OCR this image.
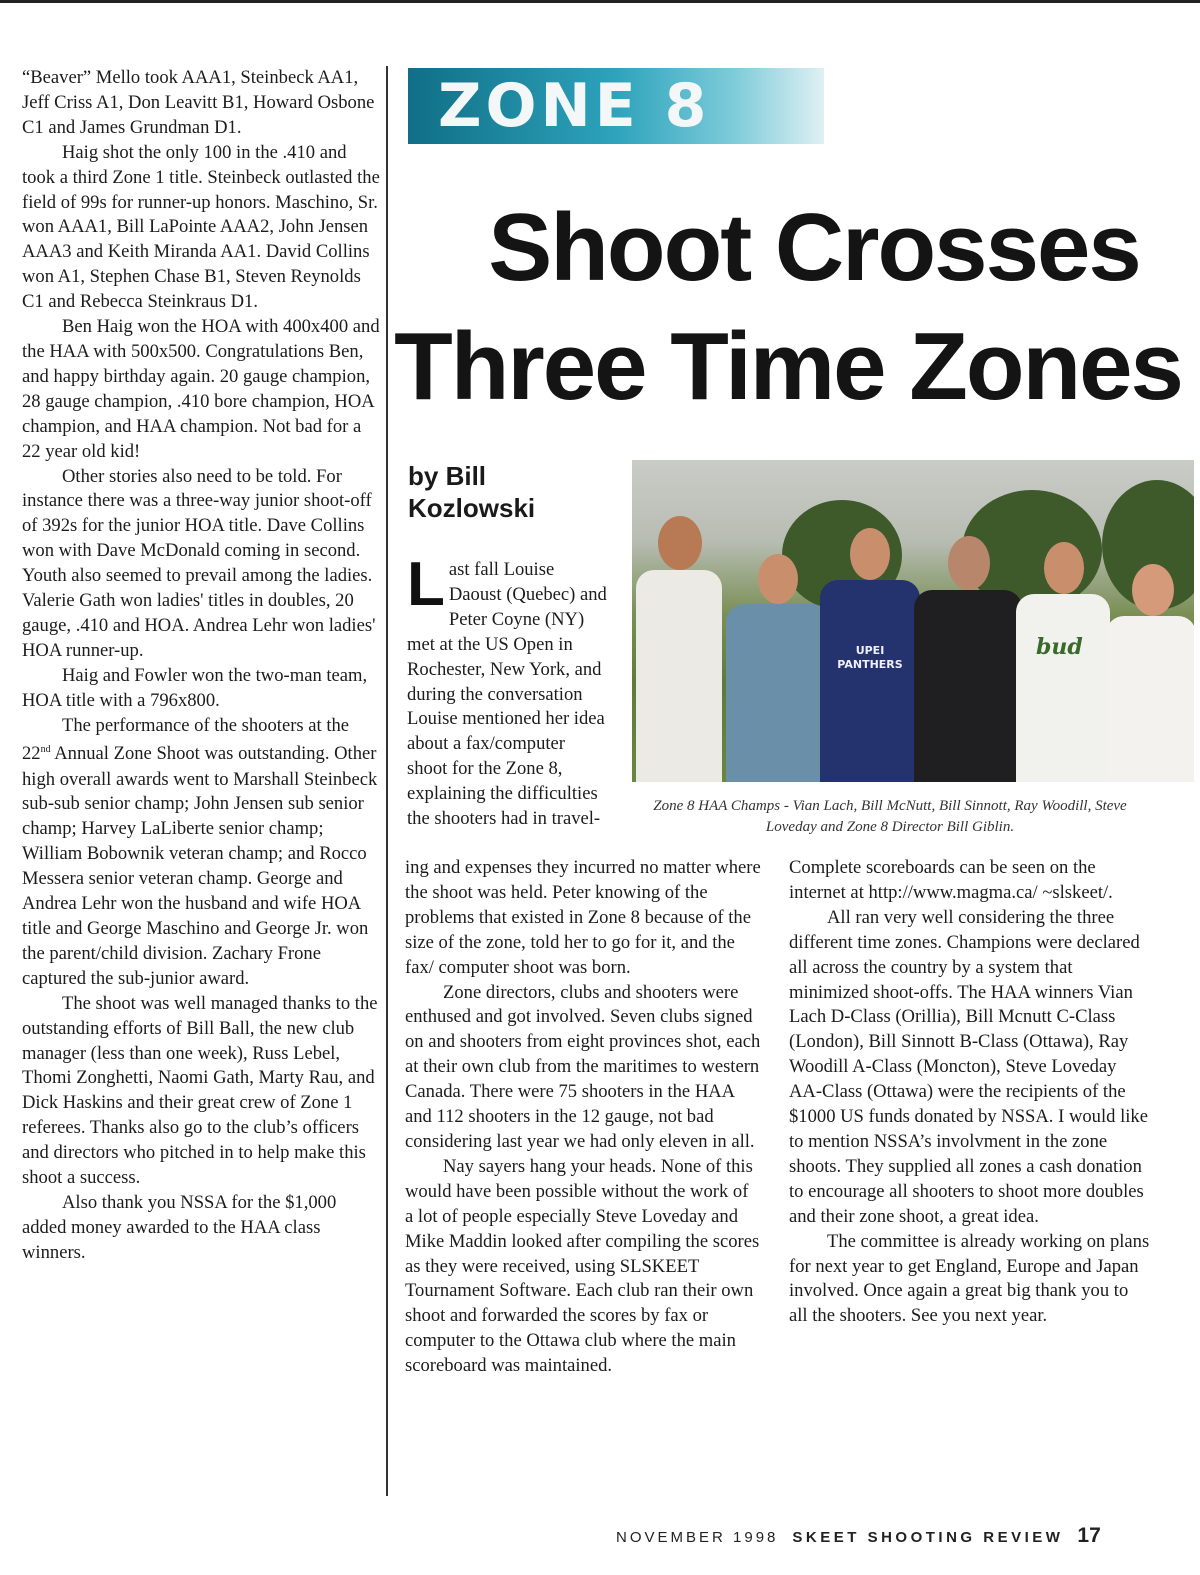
“Beaver” Mello took AAA1, Steinbeck AA1, Jeff Criss A1, Don Leavitt B1, Howard Osbone C1 and James Grundman D1.

Haig shot the only 100 in the .410 and took a third Zone 1 title. Steinbeck outlasted the field of 99s for runner-up honors. Maschino, Sr. won AAA1, Bill LaPointe AAA2, John Jensen AAA3 and Keith Miranda AA1. David Collins won A1, Stephen Chase B1, Steven Reynolds C1 and Rebecca Steinkraus D1.

Ben Haig won the HOA with 400x400 and the HAA with 500x500. Congratulations Ben, and happy birthday again. 20 gauge champion, 28 gauge champion, .410 bore champion, HOA champion, and HAA champion. Not bad for a 22 year old kid!

Other stories also need to be told. For instance there was a three-way junior shoot-off of 392s for the junior HOA title. Dave Collins won with Dave McDonald coming in second. Youth also seemed to prevail among the ladies. Valerie Gath won ladies' titles in doubles, 20 gauge, .410 and HOA. Andrea Lehr won ladies' HOA runner-up.

Haig and Fowler won the two-man team, HOA title with a 796x800.

The performance of the shooters at the 22nd Annual Zone Shoot was outstanding. Other high overall awards went to Marshall Steinbeck sub-sub senior champ; John Jensen sub senior champ; Harvey LaLiberte senior champ; William Bobownik veteran champ; and Rocco Messera senior veteran champ. George and Andrea Lehr won the husband and wife HOA title and George Maschino and George Jr. won the parent/child division. Zachary Frone captured the sub-junior award.

The shoot was well managed thanks to the outstanding efforts of Bill Ball, the new club manager (less than one week), Russ Lebel, Thomi Zonghetti, Naomi Gath, Marty Rau, and Dick Haskins and their great crew of Zone 1 referees. Thanks also go to the club’s officers and directors who pitched in to help make this shoot a success.

Also thank you NSSA for the $1,000 added money awarded to the HAA class winners.

ZONE 8
Shoot Crosses
Three Time Zones
by Bill
Kozlowski
UPEI PANTHERS
bud
Zone 8 HAA Champs - Vian Lach, Bill McNutt, Bill Sinnott, Ray Woodill, Steve Loveday and Zone 8 Director Bill Giblin.
Last fall Louise Daoust (Quebec) and Peter Coyne (NY) met at the US Open in Rochester, New York, and during the conversation Louise mentioned her idea about a fax/computer shoot for the Zone 8, explaining the difficulties the shooters had in travel-

ing and expenses they incurred no matter where the shoot was held. Peter knowing of the problems that existed in Zone 8 because of the size of the zone, told her to go for it, and the fax/ computer shoot was born.

Zone directors, clubs and shooters were enthused and got involved. Seven clubs signed on and shooters from eight provinces shot, each at their own club from the maritimes to western Canada. There were 75 shooters in the HAA and 112 shooters in the 12 gauge, not bad considering last year we had only eleven in all.

Nay sayers hang your heads. None of this would have been possible without the work of a lot of people especially Steve Loveday and Mike Maddin looked after compiling the scores as they were received, using SLSKEET Tournament Software. Each club ran their own shoot and forwarded the scores by fax or computer to the Ottawa club where the main scoreboard was maintained.

Complete scoreboards can be seen on the internet at http://www.magma.ca/ ~slskeet/.

All ran very well considering the three different time zones. Champions were declared all across the country by a system that minimized shoot-offs. The HAA winners Vian Lach D-Class (Orillia), Bill Mcnutt C-Class (London), Bill Sinnott B-Class (Ottawa), Ray Woodill A-Class (Moncton), Steve Loveday AA-Class (Ottawa) were the recipients of the $1000 US funds donated by NSSA. I would like to mention NSSA’s involvment in the zone shoots. They supplied all zones a cash donation to encourage all shooters to shoot more doubles and their zone shoot, a great idea.

The committee is already working on plans for next year to get England, Europe and Japan involved. Once again a great big thank you to all the shooters. See you next year.

NOVEMBER 1998 SKEET SHOOTING REVIEW 17
